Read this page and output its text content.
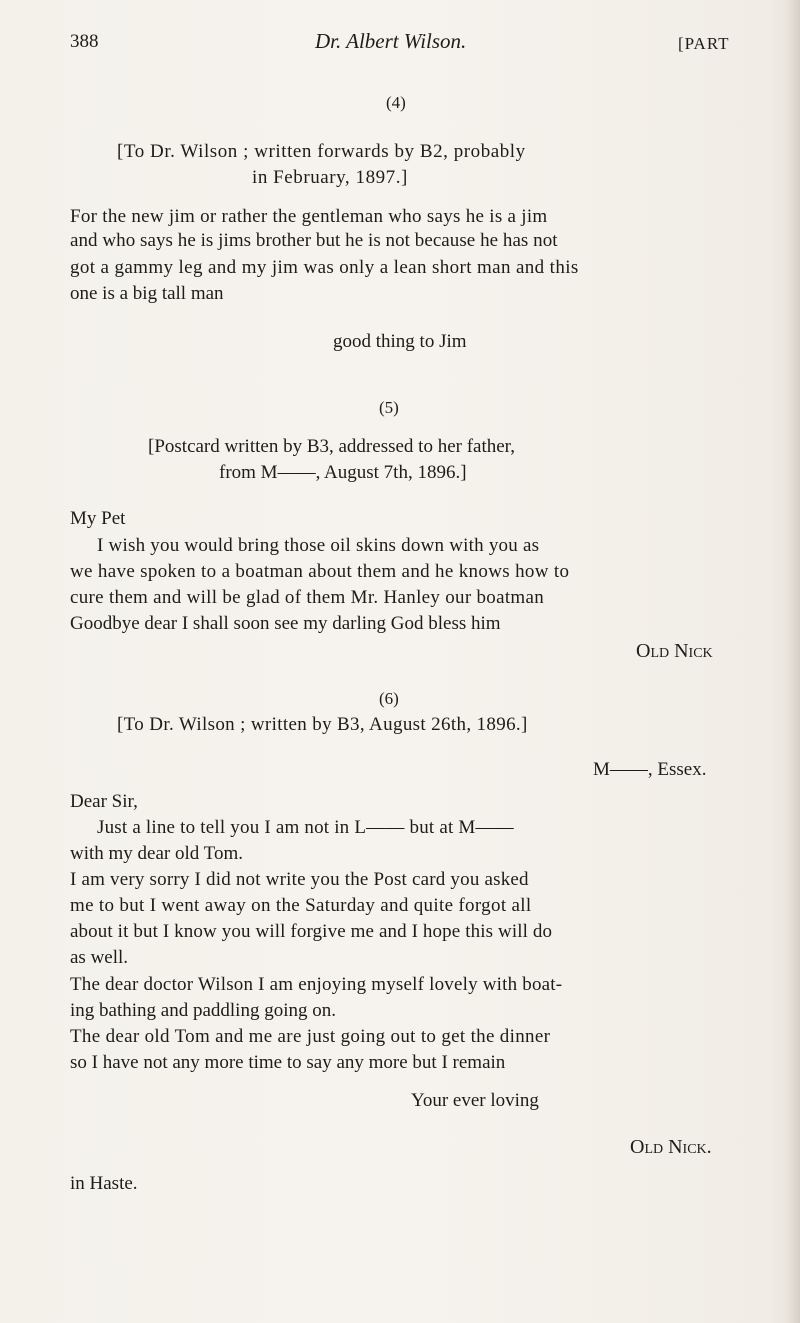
388	Dr. Albert Wilson.	[PART
(4)
[To Dr. Wilson ; written forwards by B2, probably
in February, 1897.]
For the new jim or rather the gentleman who says he is a jim
and who says he is jims brother but he is not because he has not
got a gammy leg and my jim was only a lean short man and this
one is a big tall man
good thing to Jim
(5)
[Postcard written by B3, addressed to her father,
from M——, August 7th, 1896.]
My Pet
I wish you would bring those oil skins down with you as
we have spoken to a boatman about them and he knows how to
cure them and will be glad of them Mr. Hanley our boatman
Goodbye dear I shall soon see my darling God bless him
Old Nick
(6)
[To Dr. Wilson ; written by B3, August 26th, 1896.]
M——, Essex.
Dear Sir,
Just a line to tell you I am not in L—— but at M——
with my dear old Tom.
I am very sorry I did not write you the Post card you asked
me to but I went away on the Saturday and quite forgot all
about it but I know you will forgive me and I hope this will do
as well.
The dear doctor Wilson I am enjoying myself lovely with boat-
ing bathing and paddling going on.
The dear old Tom and me are just going out to get the dinner
so I have not any more time to say any more but I remain
Your ever loving
Old Nick.
in Haste.
